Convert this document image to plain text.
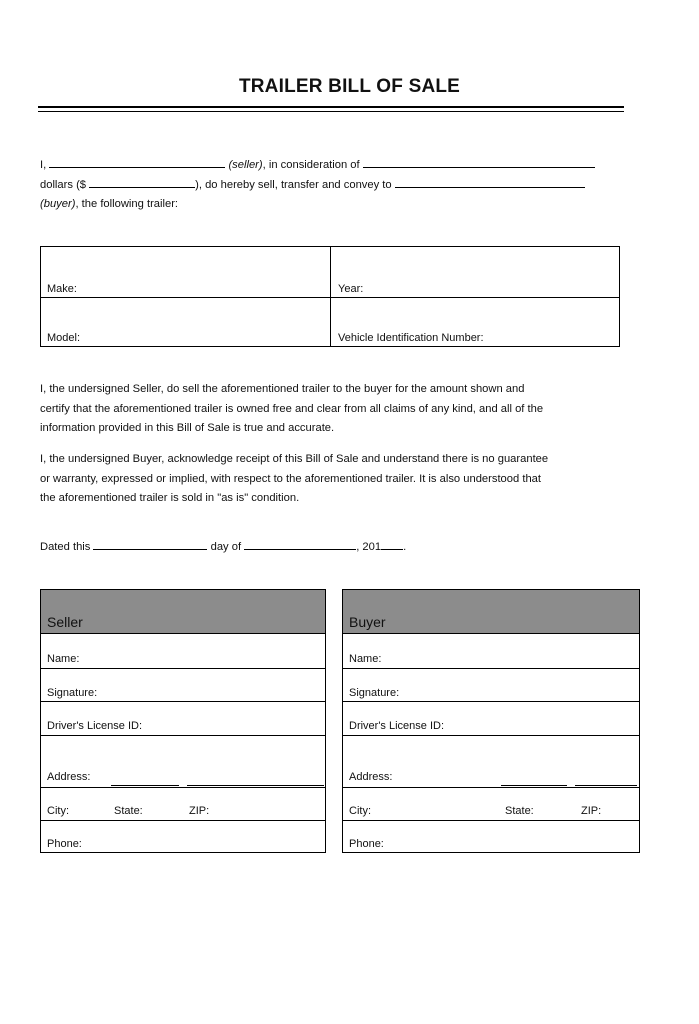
TRAILER BILL OF SALE
I,	(seller), in consideration of
dollars ($	), do hereby sell, transfer and convey to
(buyer), the following trailer:
Make:	Year:
Model:	Vehicle Identification Number:
I, the undersigned Seller, do sell the aforementioned trailer to the buyer for the amount shown and
certify that the aforementioned trailer is owned free and clear from all claims of any kind, and all of the
information provided in this Bill of Sale is true and accurate.
I, the undersigned Buyer, acknowledge receipt of this Bill of Sale and understand there is no guarantee
or warranty, expressed or implied, with respect to the aforementioned trailer. It is also understood that
the aforementioned trailer is sold in "as is" condition.
Dated this	day of	, 201 .
Seller
Name:
Signature:
Driver's License ID:
Address:
City:	State:	ZIP:
Phone:
Buyer
Name:
Signature:
Driver's License ID:
Address:
City:	State:	ZIP:
Phone:
